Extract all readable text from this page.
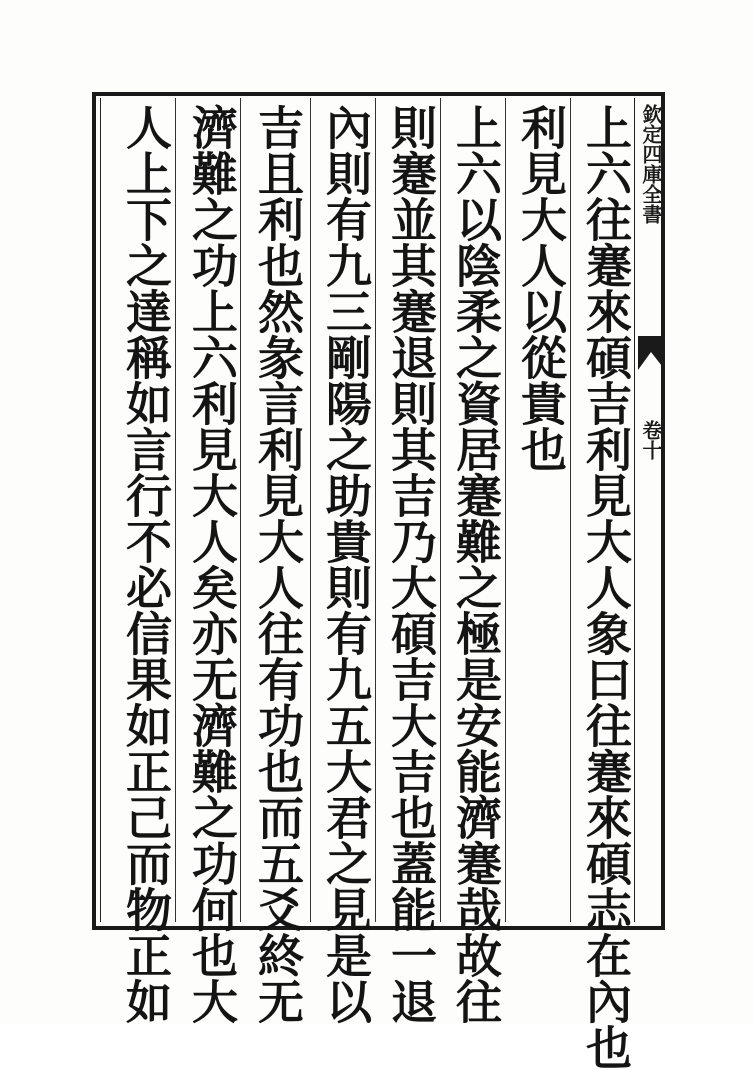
欽定四庫全書
卷十
上六往蹇來碩吉利見大人象曰往蹇來碩志在內也
利見大人以從貴也
上六以陰柔之資居蹇難之極是安能濟蹇哉故往
則蹇並其蹇退則其吉乃大碩吉大吉也蓋能一退
內則有九三剛陽之助貴則有九五大君之見是以
吉且利也然彖言利見大人往有功也而五爻終无
濟難之功上六利見大人矣亦无濟難之功何也大
人上下之達稱如言行不必信果如正己而物正如
